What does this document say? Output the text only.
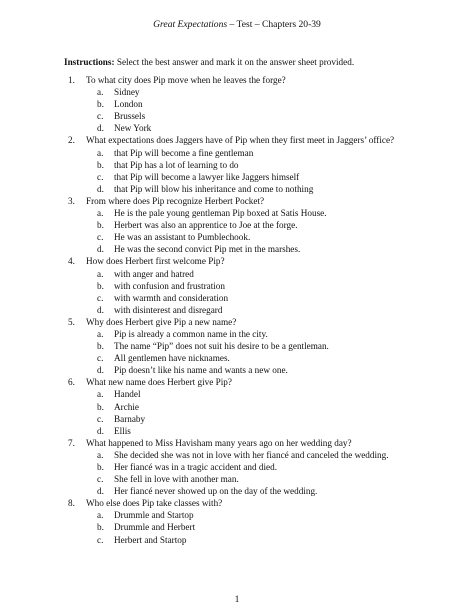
Great Expectations – Test – Chapters 20-39
Instructions: Select the best answer and mark it on the answer sheet provided.
1. To what city does Pip move when he leaves the forge?
a. Sidney
b. London
c. Brussels
d. New York
2. What expectations does Jaggers have of Pip when they first meet in Jaggers’ office?
a. that Pip will become a fine gentleman
b. that Pip has a lot of learning to do
c. that Pip will become a lawyer like Jaggers himself
d. that Pip will blow his inheritance and come to nothing
3. From where does Pip recognize Herbert Pocket?
a. He is the pale young gentleman Pip boxed at Satis House.
b. Herbert was also an apprentice to Joe at the forge.
c. He was an assistant to Pumblechook.
d. He was the second convict Pip met in the marshes.
4. How does Herbert first welcome Pip?
a. with anger and hatred
b. with confusion and frustration
c. with warmth and consideration
d. with disinterest and disregard
5. Why does Herbert give Pip a new name?
a. Pip is already a common name in the city.
b. The name “Pip” does not suit his desire to be a gentleman.
c. All gentlemen have nicknames.
d. Pip doesn’t like his name and wants a new one.
6. What new name does Herbert give Pip?
a. Handel
b. Archie
c. Barnaby
d. Ellis
7. What happened to Miss Havisham many years ago on her wedding day?
a. She decided she was not in love with her fiancé and canceled the wedding.
b. Her fiancé was in a tragic accident and died.
c. She fell in love with another man.
d. Her fiancé never showed up on the day of the wedding.
8. Who else does Pip take classes with?
a. Drummle and Startop
b. Drummle and Herbert
c. Herbert and Startop
1
